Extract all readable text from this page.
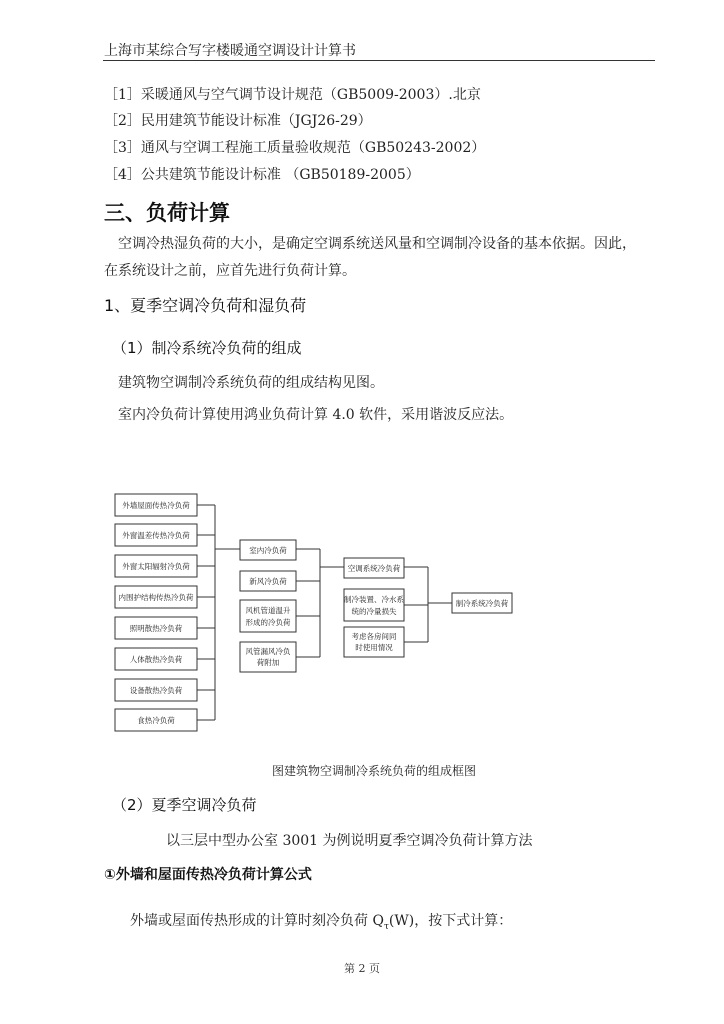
上海市某综合写字楼暖通空调设计计算书
［1］采暖通风与空气调节设计规范（GB5009-2003）.北京
［2］民用建筑节能设计标准（JGJ26-29）
［3］通风与空调工程施工质量验收规范（GB50243-2002）
［4］公共建筑节能设计标准 （GB50189-2005）
三、负荷计算
空调冷热湿负荷的大小，是确定空调系统送风量和空调制冷设备的基本依据。因此，
在系统设计之前，应首先进行负荷计算。
1、夏季空调冷负荷和湿负荷
（1）制冷系统冷负荷的组成
建筑物空调制冷系统负荷的组成结构见图。
室内冷负荷计算使用鸿业负荷计算 4.0 软件，采用谐波反应法。
外墙屋面传热冷负荷
外窗温差传热冷负荷
外窗太阳辐射冷负荷
内围护结构传热冷负荷
照明散热冷负荷
人体散热冷负荷
设备散热冷负荷
食热冷负荷
室内冷负荷
新风冷负荷
风机管道温升
形成的冷负荷
风管漏风冷负
荷附加
空调系统冷负荷
制冷装置、冷水系
统的冷量损失
考虑各房间同
时使用情况
制冷系统冷负荷
图建筑物空调制冷系统负荷的组成框图
（2）夏季空调冷负荷
以三层中型办公室 3001 为例说明夏季空调冷负荷计算方法
①外墙和屋面传热冷负荷计算公式
外墙或屋面传热形成的计算时刻冷负荷 $Q_\tau(W)$，按下式计算：
第 2 页
